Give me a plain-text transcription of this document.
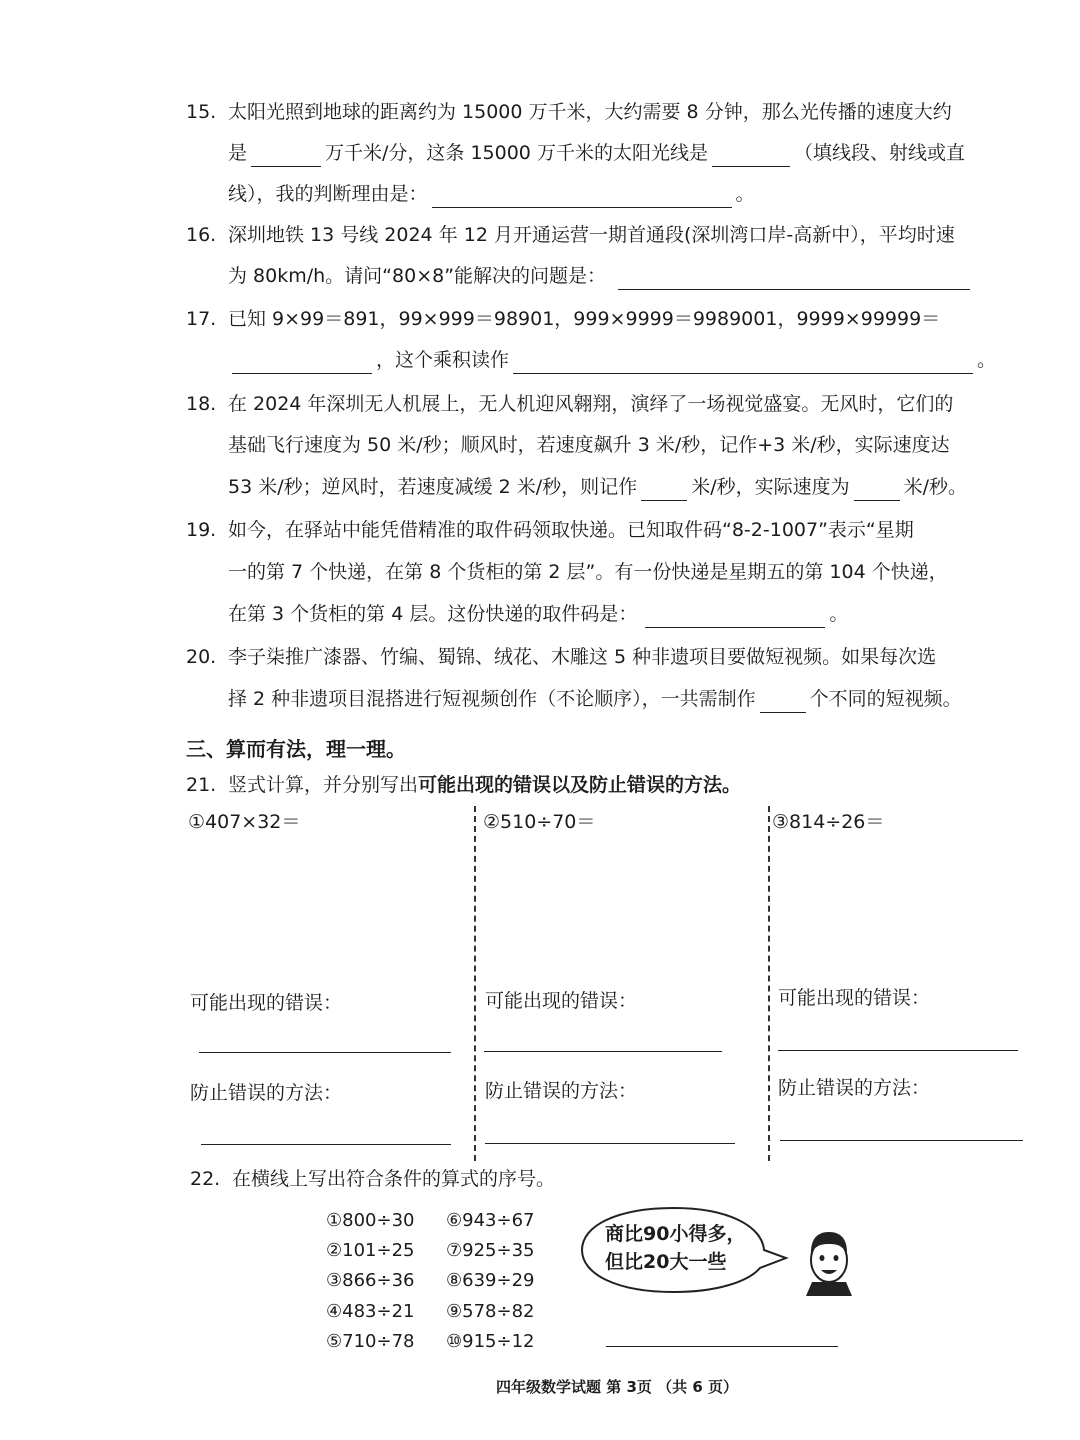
15. 太阳光照到地球的距离约为 15000 万千米，大约需要 8 分钟，那么光传播的速度大约
是	万千米/分，这条 15000 万千米的太阳光线是	（填线段、射线或直
线），我的判断理由是：	。
16. 深圳地铁 13 号线 2024 年 12 月开通运营一期首通段(深圳湾口岸-高新中），平均时速
为 80km/h。请问“80×8”能解决的问题是：
17. 已知 9×99＝891，99×999＝98901，999×9999＝9989001，9999×99999＝
，这个乘积读作	。
18. 在 2024 年深圳无人机展上，无人机迎风翱翔，演绎了一场视觉盛宴。无风时，它们的
基础飞行速度为 50 米/秒；顺风时，若速度飙升 3 米/秒，记作+3 米/秒，实际速度达
53 米/秒；逆风时，若速度减缓 2 米/秒，则记作	米/秒，实际速度为	米/秒。
19. 如今，在驿站中能凭借精准的取件码领取快递。已知取件码“8-2-1007”表示“星期
一的第 7 个快递，在第 8 个货柜的第 2 层”。有一份快递是星期五的第 104 个快递，
在第 3 个货柜的第 4 层。这份快递的取件码是：	。
20. 李子柒推广漆器、竹编、蜀锦、绒花、木雕这 5 种非遗项目要做短视频。如果每次选
择 2 种非遗项目混搭进行短视频创作（不论顺序），一共需制作	个不同的短视频。
三、算而有法，理一理。
21. 竖式计算，并分别写出可能出现的错误以及防止错误的方法。
①407×32＝	②510÷70＝	③814÷26＝
可能出现的错误：	可能出现的错误：	可能出现的错误：
防止错误的方法：	防止错误的方法：	防止错误的方法：
22. 在横线上写出符合条件的算式的序号。
①800÷30
②101÷25
③866÷36
④483÷21
⑤710÷78
⑥943÷67
⑦925÷35
⑧639÷29
⑨578÷82
⑩915÷12
商比90小得多，
但比20大一些
四年级数学试题 第 3页 （共 6 页）
